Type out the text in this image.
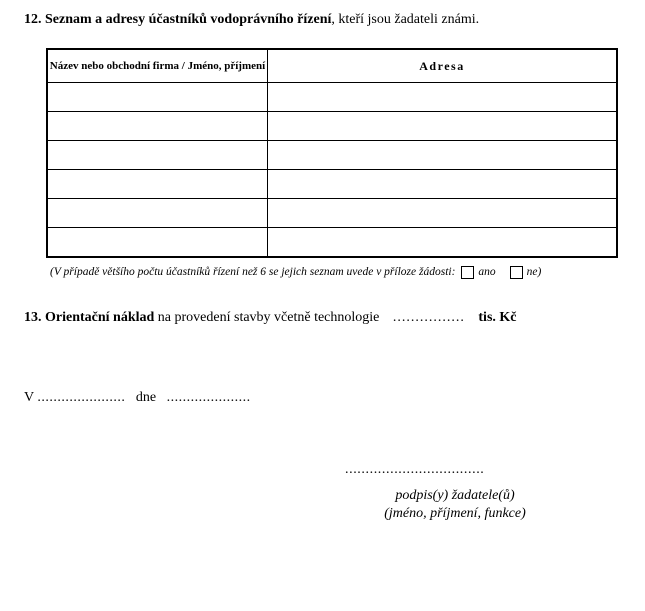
12. Seznam a adresy účastníků vodoprávního řízení, kteří jsou žadateli známi.
Název nebo obchodní firma / Jméno, příjmení	Adresa

(V případě většího počtu účastníků řízení než 6 se jejich seznam uvede v příloze žádosti: ano	ne)
13. Orientační náklad na provedení stavby včetně technologie ................ tis. Kč
V ...................... dne .....................
..................................
podpis(y) žadatele(ů)
(jméno, příjmení, funkce)
